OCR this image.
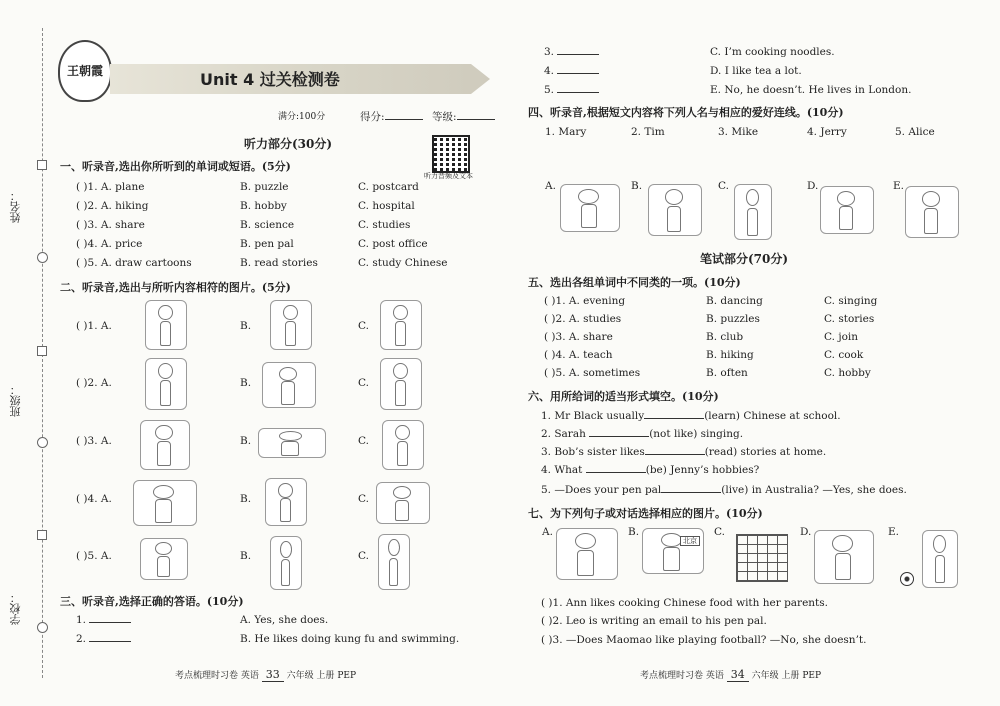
姓名：
班级：
学校：
王朝霞	Unit 4 过关检测卷
满分:100分	得分:	等级:
听力部分(30分)
听力音频及文本
一、听录音,选出你所听到的单词或短语。(5分)
( )1. A. plane	B. puzzle	C. postcard
( )2. A. hiking	B. hobby	C. hospital
( )3. A. share	B. science	C. studies
( )4. A. price	B. pen pal	C. post office
( )5. A. draw cartoons	B. read stories	C. study Chinese
二、听录音,选出与所听内容相符的图片。(5分)
( )1. A.	B.	C.
( )2. A.	B.	C.
( )3. A.	B.	C.
( )4. A.	B.	C.
( )5. A.	B.	C.
三、听录音,选择正确的答语。(10分)
1.	A. Yes, she does.
2.	B. He likes doing kung fu and swimming.
考点梳理时习卷 英语 33 六年级 上册 PEP
3.	C. I’m cooking noodles.
4.	D. I like tea a lot.
5.	E. No, he doesn’t. He lives in London.
四、听录音,根据短文内容将下列人名与相应的爱好连线。(10分)
1. Mary	2. Tim	3. Mike	4. Jerry	5. Alice
A.	B.	C.	D.	E.
笔试部分(70分)
五、选出各组单词中不同类的一项。(10分)
( )1. A. evening	B. dancing	C. singing
( )2. A. studies	B. puzzles	C. stories
( )3. A. share	B. club	C. join
( )4. A. teach	B. hiking	C. cook
( )5. A. sometimes	B. often	C. hobby
六、用所给词的适当形式填空。(10分)
1. Mr Black usually	(learn) Chinese at school.
2. Sarah	(not like) singing.
3. Bob’s sister likes	(read) stories at home.
4. What	(be) Jenny’s hobbies?
5. —Does your pen pal	(live) in Australia? —Yes, she does.
七、为下列句子或对话选择相应的图片。(10分)
A.	B.
北京
C.	D.	E.
( )1. Ann likes cooking Chinese food with her parents.
( )2. Leo is writing an email to his pen pal.
( )3. —Does Maomao like playing football? —No, she doesn’t.
考点梳理时习卷 英语 34 六年级 上册 PEP
